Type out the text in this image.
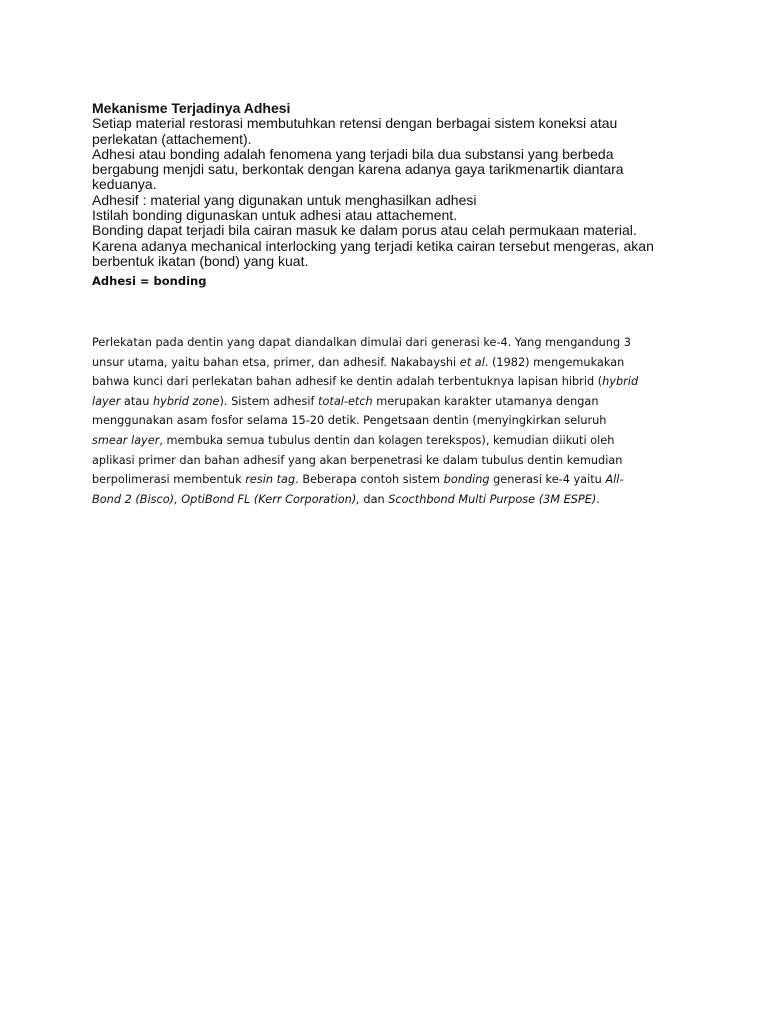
Mekanisme Terjadinya Adhesi
Setiap material restorasi membutuhkan retensi dengan berbagai sistem koneksi atau
perlekatan (attachement).
Adhesi atau bonding adalah fenomena yang terjadi bila dua substansi yang berbeda
bergabung menjdi satu, berkontak dengan karena adanya gaya tarikmenartik diantara
keduanya.
Adhesif : material yang digunakan untuk menghasilkan adhesi
Istilah bonding digunaskan untuk adhesi atau attachement.
Bonding dapat terjadi bila cairan masuk ke dalam porus atau celah permukaan material.
Karena adanya mechanical interlocking yang terjadi ketika cairan tersebut mengeras, akan
berbentuk ikatan (bond) yang kuat.
Adhesi = bonding
Perlekatan pada dentin yang dapat diandalkan dimulai dari generasi ke-4. Yang mengandung 3
unsur utama, yaitu bahan etsa, primer, dan adhesif. Nakabayshi et al. (1982) mengemukakan
bahwa kunci dari perlekatan bahan adhesif ke dentin adalah terbentuknya lapisan hibrid (hybrid
layer atau hybrid zone). Sistem adhesif total-etch merupakan karakter utamanya dengan
menggunakan asam fosfor selama 15-20 detik. Pengetsaan dentin (menyingkirkan seluruh
smear layer, membuka semua tubulus dentin dan kolagen terekspos), kemudian diikuti oleh
aplikasi primer dan bahan adhesif yang akan berpenetrasi ke dalam tubulus dentin kemudian
berpolimerasi membentuk resin tag. Beberapa contoh sistem bonding generasi ke-4 yaitu All-
Bond 2 (Bisco), OptiBond FL (Kerr Corporation), dan Scocthbond Multi Purpose (3M ESPE).
